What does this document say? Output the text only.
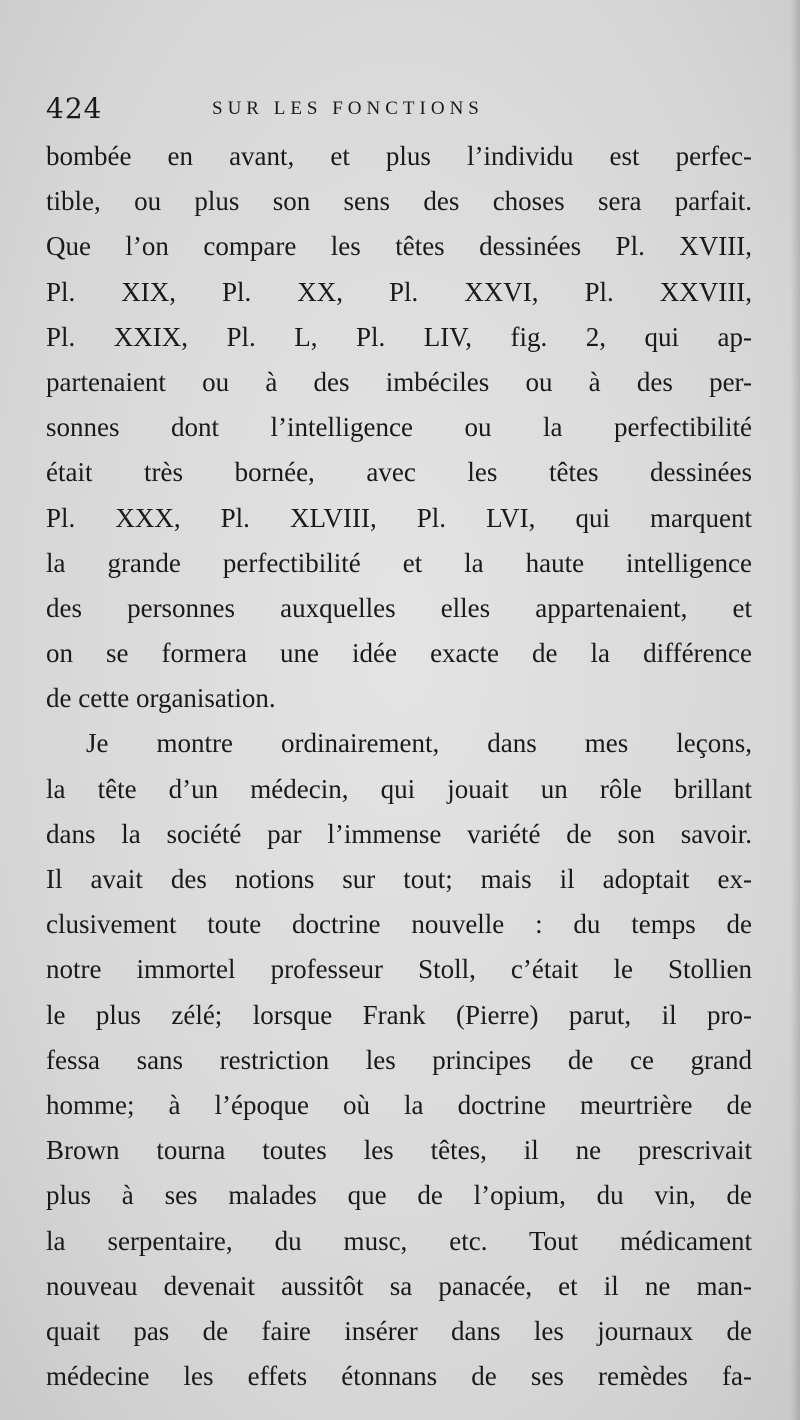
424	SUR LES FONCTIONS
bombée en avant, et plus l’individu est perfec-
tible, ou plus son sens des choses sera parfait.
Que l’on compare les têtes dessinées Pl. XVIII,
Pl. XIX, Pl. XX, Pl. XXVI, Pl. XXVIII,
Pl. XXIX, Pl. L, Pl. LIV, fig. 2, qui ap-
partenaient ou à des imbéciles ou à des per-
sonnes dont l’intelligence ou la perfectibilité
était très bornée, avec les têtes dessinées
Pl. XXX, Pl. XLVIII, Pl. LVI, qui marquent
la grande perfectibilité et la haute intelligence
des personnes auxquelles elles appartenaient, et
on se formera une idée exacte de la différence
de cette organisation.
Je montre ordinairement, dans mes leçons,
la tête d’un médecin, qui jouait un rôle brillant
dans la société par l’immense variété de son savoir.
Il avait des notions sur tout; mais il adoptait ex-
clusivement toute doctrine nouvelle : du temps de
notre immortel professeur Stoll, c’était le Stollien
le plus zélé; lorsque Frank (Pierre) parut, il pro-
fessa sans restriction les principes de ce grand
homme; à l’époque où la doctrine meurtrière de
Brown tourna toutes les têtes, il ne prescrivait
plus à ses malades que de l’opium, du vin, de
la serpentaire, du musc, etc. Tout médicament
nouveau devenait aussitôt sa panacée, et il ne man-
quait pas de faire insérer dans les journaux de
médecine les effets étonnans de ses remèdes fa-
